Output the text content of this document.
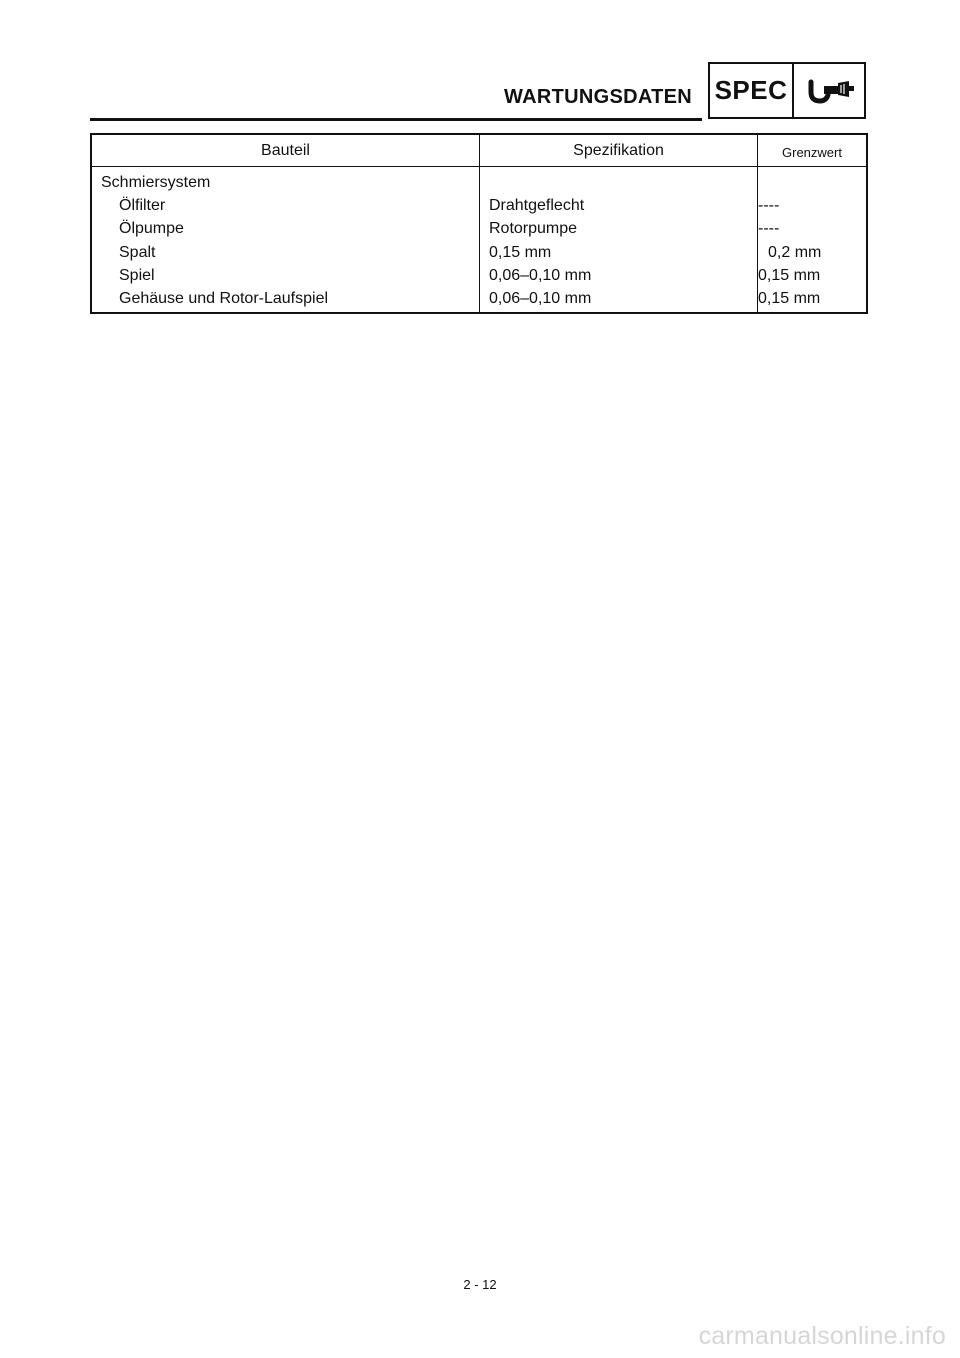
WARTUNGSDATEN SPEC
Bauteil	Spezifikation	Grenzwert
Schmiersystem
Ölfilter
Ölpumpe
Spalt
Spiel
Gehäuse und Rotor-Laufspiel
Drahtgeflecht
Rotorpumpe
0,15 mm
0,06–0,10 mm
0,06–0,10 mm
----
----
0,2 mm
0,15 mm
0,15 mm
2 - 12
carmanualsonline.info
